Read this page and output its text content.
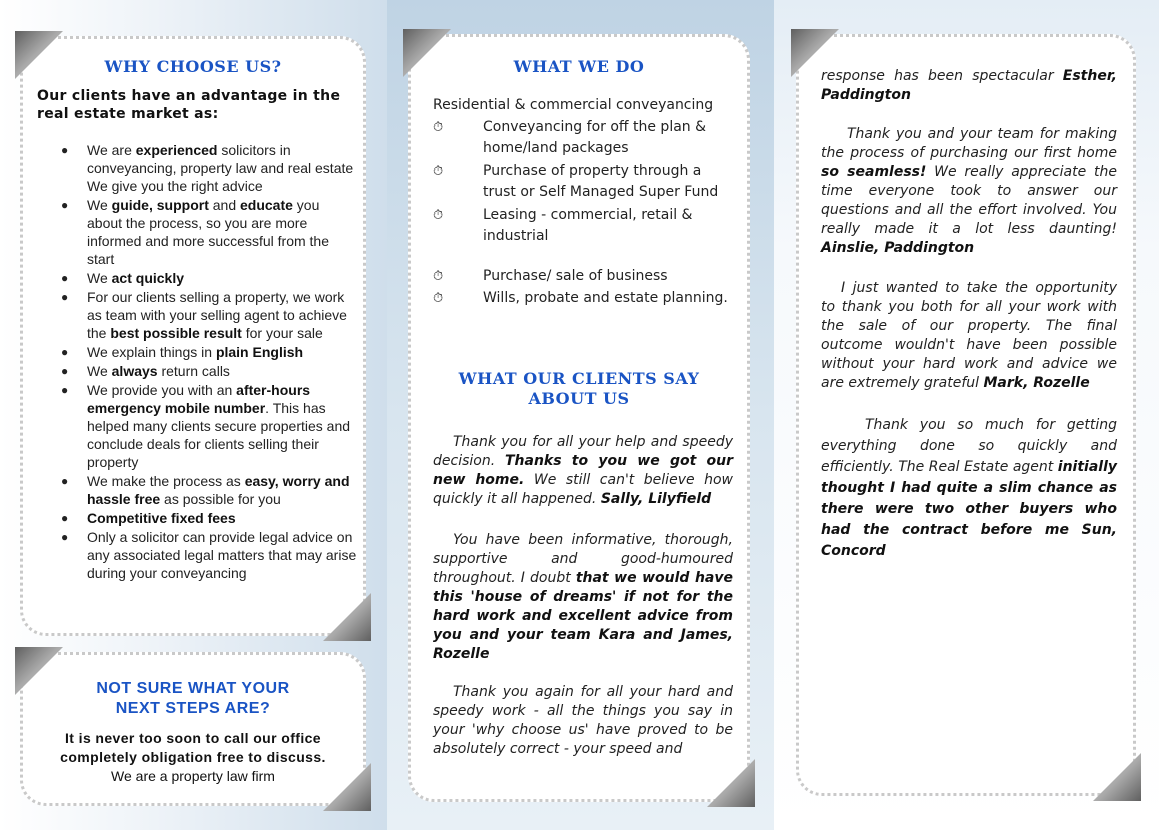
WHY CHOOSE US?
Our clients have an advantage in the real estate market as:
● We are experienced solicitors in conveyancing, property law and real estate We give you the right advice
● We guide, support and educate you about the process, so you are more informed and more successful from the start
● We act quickly
● For our clients selling a property, we work as team with your selling agent to achieve the best possible result for your sale
● We explain things in plain English
● We always return calls
● We provide you with an after-hours emergency mobile number. This has helped many clients secure properties and conclude deals for clients selling their property
● We make the process as easy, worry and hassle free as possible for you
● Competitive fixed fees
● Only a solicitor can provide legal advice on any associated legal matters that may arise during your conveyancing
NOT SURE WHAT YOUR
NEXT STEPS ARE?
It is never too soon to call our office
completely obligation free to discuss.
We are a property law firm
WHAT WE DO
Residential & commercial conveyancing
⏱	Conveyancing for off the plan & home/land packages
⏱	Purchase of property through a trust or Self Managed Super Fund
⏱	Leasing - commercial, retail & industrial
⏱	Purchase/ sale of business
⏱	Wills, probate and estate planning.
WHAT OUR CLIENTS SAY
ABOUT US
Thank you for all your help and speedy decision. Thanks to you we got our new home. We still can't believe how quickly it all happened. Sally, Lilyfield
You have been informative, thorough, supportive and good-humoured throughout. I doubt that we would have this 'house of dreams' if not for the hard work and excellent advice from you and your team Kara and James, Rozelle
Thank you again for all your hard and speedy work - all the things you say in your 'why choose us' have proved to be absolutely correct - your speed and
response has been spectacular Esther, Paddington
Thank you and your team for making the process of purchasing our first home so seamless! We really appreciate the time everyone took to answer our questions and all the effort involved. You really made it a lot less daunting! Ainslie, Paddington
I just wanted to take the opportunity to thank you both for all your work with the sale of our property. The final outcome wouldn't have been possible without your hard work and advice we are extremely grateful Mark, Rozelle
Thank you so much for getting everything done so quickly and efficiently. The Real Estate agent initially thought I had quite a slim chance as there were two other buyers who had the contract before me Sun, Concord
